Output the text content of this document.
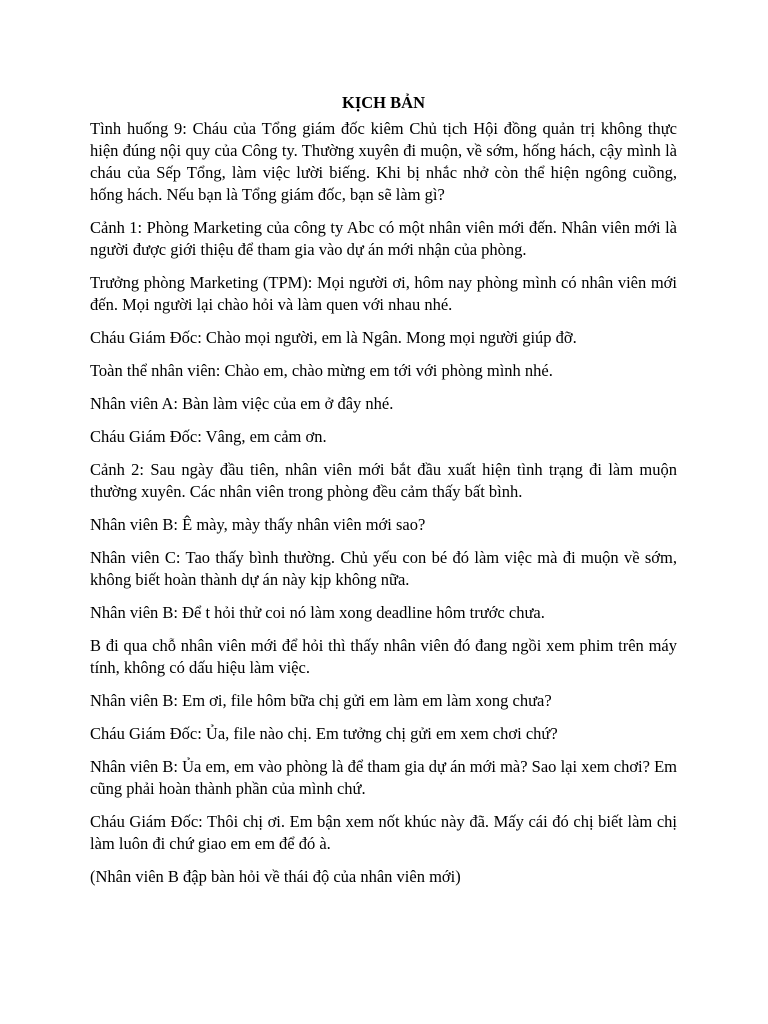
KỊCH BẢN
Tình huống 9: Cháu của Tổng giám đốc kiêm Chủ tịch Hội đồng quản trị không thực hiện đúng nội quy của Công ty. Thường xuyên đi muộn, về sớm, hống hách, cậy mình là cháu của Sếp Tổng, làm việc lười biếng. Khi bị nhắc nhở còn thể hiện ngông cuồng, hống hách. Nếu bạn là Tổng giám đốc, bạn sẽ làm gì?
Cảnh 1: Phòng Marketing của công ty Abc có một nhân viên mới đến. Nhân viên mới là người được giới thiệu để tham gia vào dự án mới nhận của phòng.
Trưởng phòng Marketing (TPM): Mọi người ơi, hôm nay phòng mình có nhân viên mới đến. Mọi người lại chào hỏi và làm quen với nhau nhé.
Cháu Giám Đốc: Chào mọi người, em là Ngân. Mong mọi người giúp đỡ.
Toàn thể nhân viên: Chào em, chào mừng em tới với phòng mình nhé.
Nhân viên A: Bàn làm việc của em ở đây nhé.
Cháu Giám Đốc: Vâng, em cảm ơn.
Cảnh 2: Sau ngày đầu tiên, nhân viên mới bắt đầu xuất hiện tình trạng đi làm muộn thường xuyên. Các nhân viên trong phòng đều cảm thấy bất bình.
Nhân viên B: Ê mày, mày thấy nhân viên mới sao?
Nhân viên C: Tao thấy bình thường. Chủ yếu con bé đó làm việc mà đi muộn về sớm, không biết hoàn thành dự án này kịp không nữa.
Nhân viên B: Để t hỏi thử coi nó làm xong deadline hôm trước chưa.
B đi qua chỗ nhân viên mới để hỏi thì thấy nhân viên đó đang ngồi xem phim trên máy tính, không có dấu hiệu làm việc.
Nhân viên B: Em ơi, file hôm bữa chị gửi em làm em làm xong chưa?
Cháu Giám Đốc: Ủa, file nào chị. Em tưởng chị gửi em xem chơi chứ?
Nhân viên B: Ủa em, em vào phòng là để tham gia dự án mới mà? Sao lại xem chơi? Em cũng phải hoàn thành phần của mình chứ.
Cháu Giám Đốc: Thôi chị ơi. Em bận xem nốt khúc này đã. Mấy cái đó chị biết làm chị làm luôn đi chứ giao em em để đó à.
(Nhân viên B đập bàn hỏi về thái độ của nhân viên mới)
